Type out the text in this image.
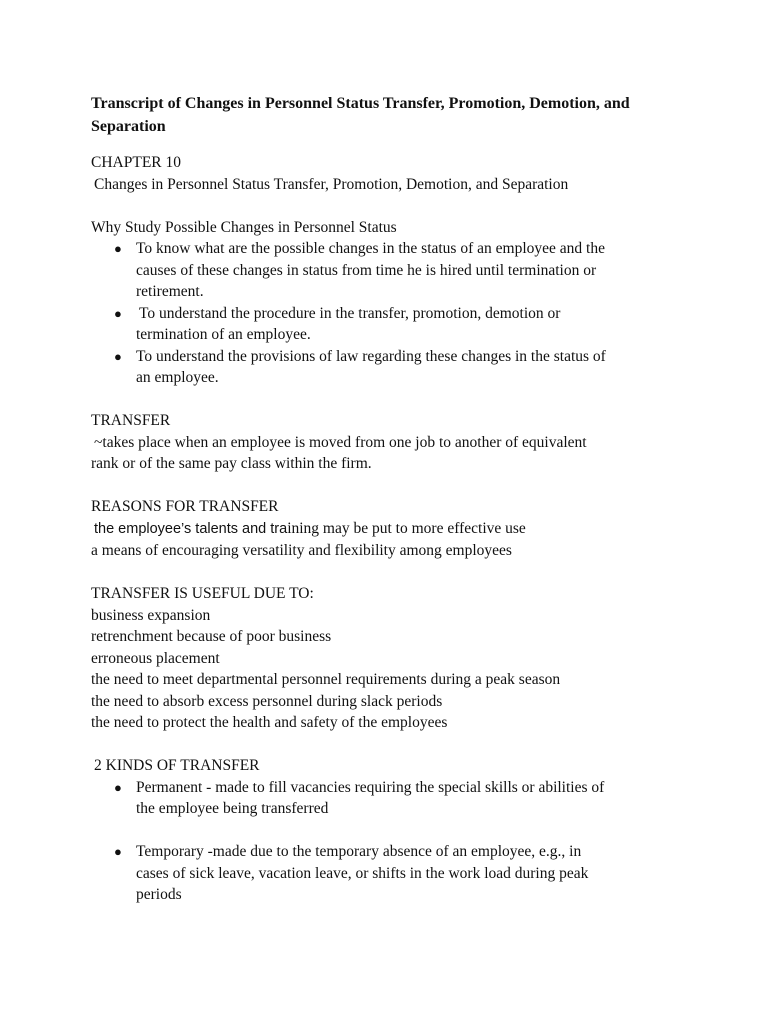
Transcript of Changes in Personnel Status Transfer, Promotion, Demotion, and Separation
CHAPTER 10
Changes in Personnel Status Transfer, Promotion, Demotion, and Separation
Why Study Possible Changes in Personnel Status
● To know what are the possible changes in the status of an employee and the
causes of these changes in status from time he is hired until termination or
retirement.
● To understand the procedure in the transfer, promotion, demotion or
termination of an employee.
● To understand the provisions of law regarding these changes in the status of
an employee.
TRANSFER
~takes place when an employee is moved from one job to another of equivalent
rank or of the same pay class within the firm.
REASONS FOR TRANSFER
the employee’s talents and training may be put to more effective use
a means of encouraging versatility and flexibility among employees
TRANSFER IS USEFUL DUE TO:
business expansion
retrenchment because of poor business
erroneous placement
the need to meet departmental personnel requirements during a peak season
the need to absorb excess personnel during slack periods
the need to protect the health and safety of the employees
2 KINDS OF TRANSFER
● Permanent - made to fill vacancies requiring the special skills or abilities of
the employee being transferred
● Temporary -made due to the temporary absence of an employee, e.g., in
cases of sick leave, vacation leave, or shifts in the work load during peak
periods
